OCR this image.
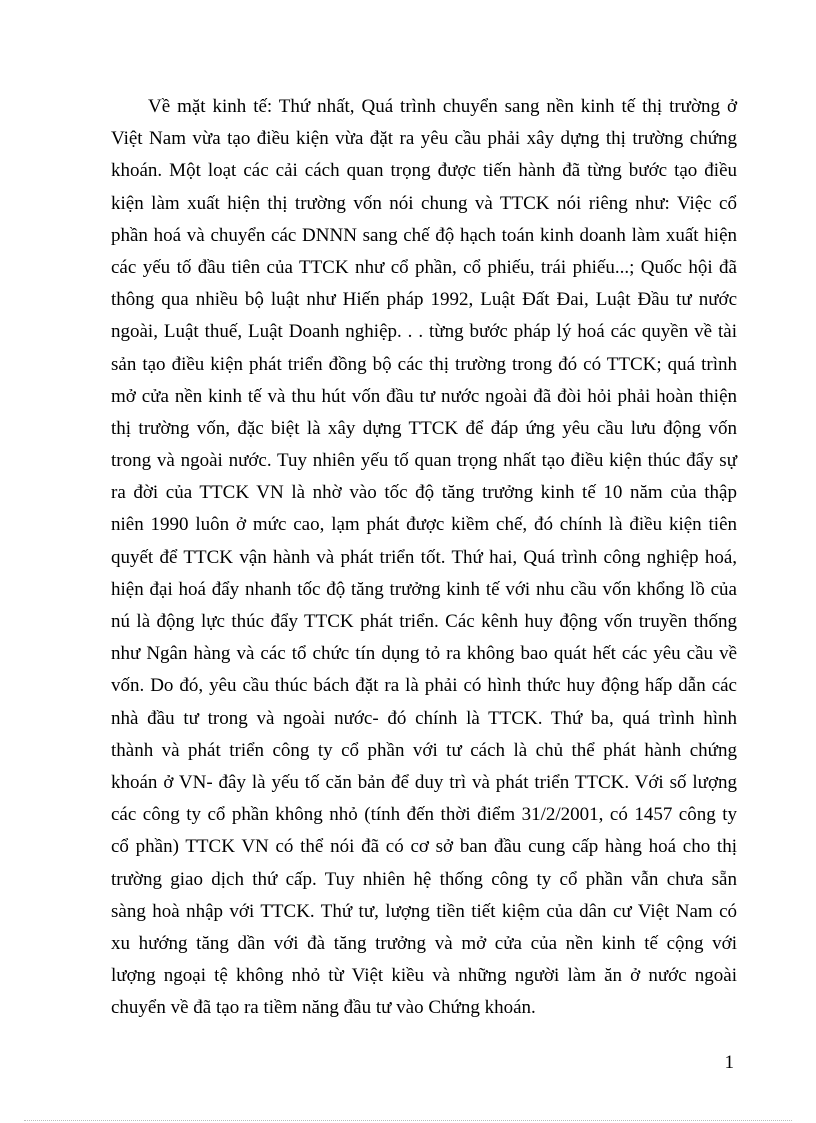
Về mặt kinh tế: Thứ nhất, Quá trình chuyển sang nền kinh tế thị trường ở
Việt Nam vừa tạo điều kiện vừa đặt ra yêu cầu phải xây dựng thị trường chứng
khoán. Một loạt các cải cách quan trọng được tiến hành đã từng bước tạo điều
kiện làm xuất hiện thị trường vốn nói chung và TTCK nói riêng như: Việc cổ
phần hoá và chuyển các DNNN sang chế độ hạch toán kinh doanh làm xuất hiện
các yếu tố đầu tiên của TTCK như cổ phần, cổ phiếu, trái phiếu...; Quốc hội đã
thông qua nhiều bộ luật như Hiến pháp 1992, Luật Đất Đai, Luật Đầu tư nước
ngoài, Luật thuế, Luật Doanh nghiệp. . . từng bước pháp lý hoá các quyền về tài
sản tạo điều kiện phát triển đồng bộ các thị trường trong đó có TTCK; quá trình
mở cửa nền kinh tế và thu hút vốn đầu tư nước ngoài đã đòi hỏi phải hoàn thiện
thị trường vốn, đặc biệt là xây dựng TTCK để đáp ứng yêu cầu lưu động vốn
trong và ngoài nước. Tuy nhiên yếu tố quan trọng nhất tạo điều kiện thúc đẩy sự
ra đời của TTCK VN là nhờ vào tốc độ tăng trưởng kinh tế 10 năm của thập
niên 1990 luôn ở mức cao, lạm phát được kiềm chế, đó chính là điều kiện tiên
quyết để TTCK vận hành và phát triển tốt. Thứ hai, Quá trình công nghiệp hoá,
hiện đại hoá đẩy nhanh tốc độ tăng trưởng kinh tế với nhu cầu vốn khổng lồ của
nú là động lực thúc đẩy TTCK phát triển. Các kênh huy động vốn truyền thống
như Ngân hàng và các tổ chức tín dụng tỏ ra không bao quát hết các yêu cầu về
vốn. Do đó, yêu cầu thúc bách đặt ra là phải có hình thức huy động hấp dẫn các
nhà đầu tư trong và ngoài nước- đó chính là TTCK. Thứ ba, quá trình hình
thành và phát triển công ty cổ phần với tư cách là chủ thể phát hành chứng
khoán ở VN- đây là yếu tố căn bản để duy trì và phát triển TTCK. Với số lượng
các công ty cổ phần không nhỏ (tính đến thời điểm 31/2/2001, có 1457 công ty
cổ phần) TTCK VN có thể nói đã có cơ sở ban đầu cung cấp hàng hoá cho thị
trường giao dịch thứ cấp. Tuy nhiên hệ thống công ty cổ phần vẫn chưa sẵn
sàng hoà nhập với TTCK. Thứ tư, lượng tiền tiết kiệm của dân cư Việt Nam có
xu hướng tăng dần với đà tăng trưởng và mở cửa của nền kinh tế cộng với
lượng ngoại tệ không nhỏ từ Việt kiều và những người làm ăn ở nước ngoài
chuyển về đã tạo ra tiềm năng đầu tư vào Chứng khoán.
1
